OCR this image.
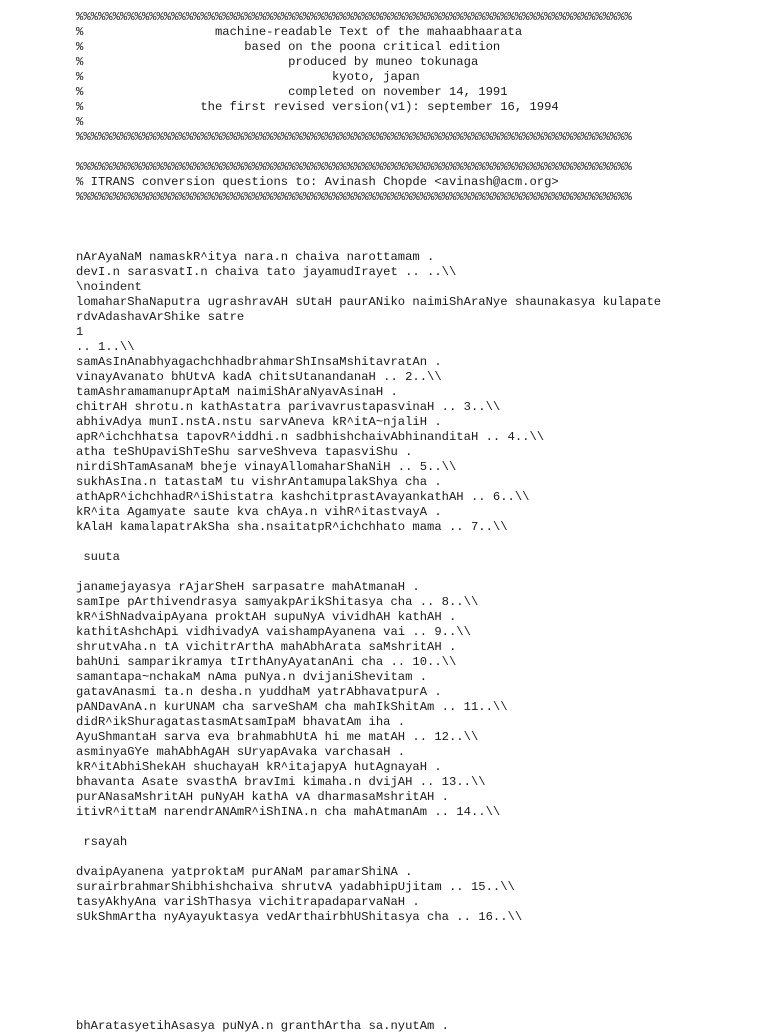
%%%%%%%%%%%%%%%%%%%%%%%%%%%%%%%%%%%%%%%%%%%%%%%%%%%%%%%%%%%%%%%%%%%%%%%%%%%%
%                  machine-readable Text of the mahaabhaarata
%                      based on the poona critical edition
%                            produced by muneo tokunaga
%                                  kyoto, japan
%                            completed on november 14, 1991
%                the first revised version(v1): september 16, 1994
%
%%%%%%%%%%%%%%%%%%%%%%%%%%%%%%%%%%%%%%%%%%%%%%%%%%%%%%%%%%%%%%%%%%%%%%%%%%%%
%%%%%%%%%%%%%%%%%%%%%%%%%%%%%%%%%%%%%%%%%%%%%%%%%%%%%%%%%%%%%%%%%%%%%%%%%%%%
% ITRANS conversion questions to: Avinash Chopde <avinash@acm.org>
%%%%%%%%%%%%%%%%%%%%%%%%%%%%%%%%%%%%%%%%%%%%%%%%%%%%%%%%%%%%%%%%%%%%%%%%%%%%
nArAyaNaM namaskR^itya nara.n chaiva narottamam .
devI.n sarasvatI.n chaiva tato jayamudIrayet .. ..\\
\noindent
lomaharShaNaputra ugrashravAH sUtaH paurANiko naimiShAraNye shaunakasya kulapate
rdvAdashavArShike satre
1
.. 1..\\
samAsInAnabhyagachchhadbrahmarShInsaMshitavratAn .
vinayAvanato bhUtvA kadA chitsUtanandanaH .. 2..\\
tamAshramamanuprAptaM naimiShAraNyavAsinaH .
chitrAH shrotu.n kathAstatra parivavrustapasvinaH .. 3..\\
abhivAdya munI.nstA.nstu sarvAneva kR^itA~njaliH .
apR^ichchhatsa tapovR^iddhi.n sadbhishchaivAbhinanditaH .. 4..\\
atha teShUpaviShTeShu sarveShveva tapasviShu .
nirdiShTamAsanaM bheje vinayAllomaharShaNiH .. 5..\\
sukhAsIna.n tatastaM tu vishrAntamupalakShya cha .
athApR^ichchhadR^iShistatra kashchitprastAvayankathAH .. 6..\\
kR^ita Agamyate saute kva chAya.n vihR^itastvayA .
kAlaH kamalapatrAkSha sha.nsaitatpR^ichchhato mama .. 7..\\
suuta
janamejayasya rAjarSheH sarpasatre mahAtmanaH .
samIpe pArthivendrasya samyakpArikShitasya cha .. 8..\\
kR^iShNadvaipAyana proktAH supuNyA vividhAH kathAH .
kathitAshchApi vidhivadyA vaishampAyanena vai .. 9..\\
shrutvAha.n tA vichitrArthA mahAbhArata saMshritAH .
bahUni samparikramya tIrthAnyAyatanAni cha .. 10..\\
samantapa~nchakaM nAma puNya.n dvijaniShevitam .
gatavAnasmi ta.n desha.n yuddhaM yatrAbhavatpurA .
pANDavAnA.n kurUNAM cha sarveShAM cha mahIkShitAm .. 11..\\
didR^ikShuragatastasmAtsamIpaM bhavatAm iha .
AyuShmantaH sarva eva brahmabhUtA hi me matAH .. 12..\\
asminyaGYe mahAbhAgAH sUryapAvaka varchasaH .
kR^itAbhiShekAH shuchayaH kR^itajapyA hutAgnayaH .
bhavanta Asate svasthA bravImi kimaha.n dvijAH .. 13..\\
purANasaMshritAH puNyAH kathA vA dharmasaMshritAH .
itivR^ittaM narendrANAmR^iShINA.n cha mahAtmanAm .. 14..\\
rsayah
dvaipAyanena yatproktaM purANaM paramarShiNA .
surairbrahmarShibhishchaiva shrutvA yadabhipUjitam .. 15..\\
tasyAkhyAna variShThasya vichitrapadaparvaNaH .
sUkShmArtha nyAyayuktasya vedArthairbhUShitasya cha .. 16..\\
bhAratasyetihAsasya puNyA.n granthArtha sa.nyutAm .
